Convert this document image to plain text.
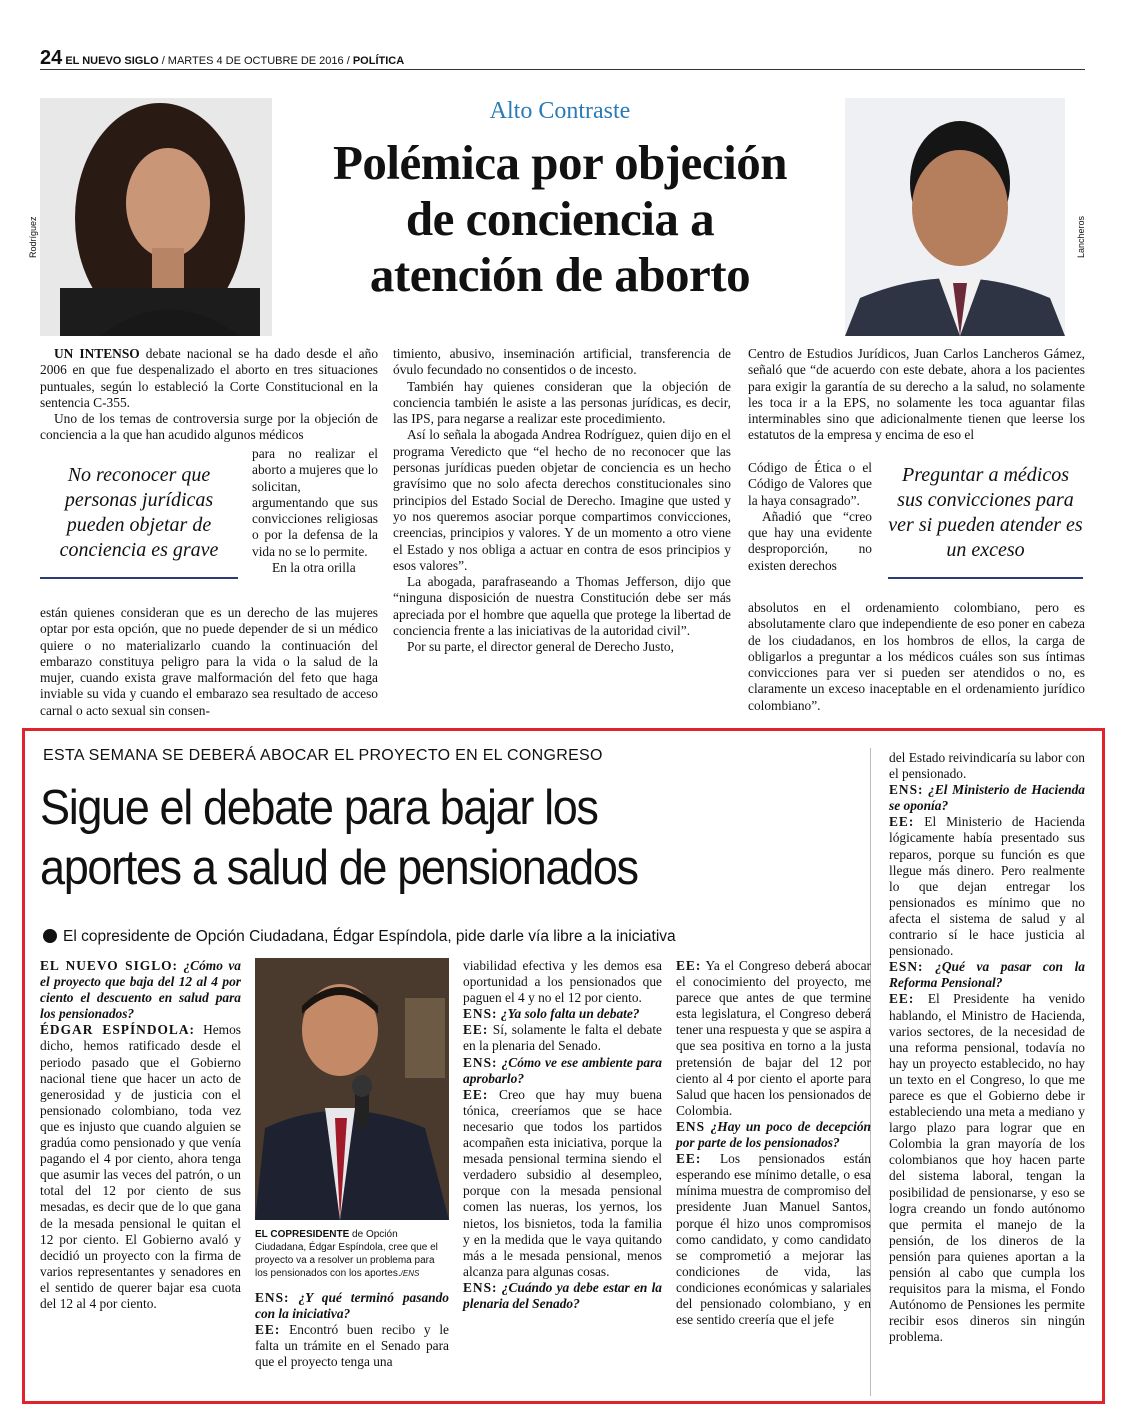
24 EL NUEVO SIGLO / MARTES 4 DE OCTUBRE DE 2016 / POLÍTICA
Rodríguez	Lancheros
Alto Contraste
Polémica por objeción
de conciencia a
atención de aborto

UN INTENSO debate nacional se ha dado desde el año 2006 en que fue despenalizado el aborto en tres situaciones puntuales, según lo estableció la Corte Constitucional en la sentencia C-355.

Uno de los temas de controversia surge por la objeción de conciencia a la que han acudido algunos médicos

No reconocer que personas jurídicas pueden objetar de conciencia es grave

para no realizar el aborto a mujeres que lo solicitan, argumentando que sus convicciones religiosas o por la defensa de la vida no se lo permite.

En la otra orilla

están quienes consideran que es un derecho de las mujeres optar por esta opción, que no puede depender de si un médico quiere o no materializarlo cuando la continuación del embarazo constituya peligro para la vida o la salud de la mujer, cuando exista grave malformación del feto que haga inviable su vida y cuando el embarazo sea resultado de acceso carnal o acto sexual sin consen-

timiento, abusivo, inseminación artificial, transferencia de óvulo fecundado no consentidos o de incesto.

También hay quienes consideran que la objeción de conciencia también le asiste a las personas jurídicas, es decir, las IPS, para negarse a realizar este procedimiento.

Así lo señala la abogada Andrea Rodríguez, quien dijo en el programa Veredicto que “el hecho de no reconocer que las personas jurídicas pueden objetar de conciencia es un hecho gravísimo que no solo afecta derechos constitucionales sino principios del Estado Social de Derecho. Imagine que usted y yo nos queremos asociar porque compartimos convicciones, creencias, principios y valores. Y de un momento a otro viene el Estado y nos obliga a actuar en contra de esos principios y esos valores”.

La abogada, parafraseando a Thomas Jefferson, dijo que “ninguna disposición de nuestra Constitución debe ser más apreciada por el hombre que aquella que protege la libertad de conciencia frente a las iniciativas de la autoridad civil”.

Por su parte, el director general de Derecho Justo,

Centro de Estudios Jurídicos, Juan Carlos Lancheros Gámez, señaló que “de acuerdo con este debate, ahora a los pacientes para exigir la garantía de su derecho a la salud, no solamente les toca ir a la EPS, no solamente les toca aguantar filas interminables sino que adicionalmente tienen que leerse los estatutos de la empresa y encima de eso el

Código de Ética o el Código de Valores que la haya consagrado”.

Añadió que “creo que hay una evidente desproporción, no existen derechos

Preguntar a médicos sus convicciones para ver si pueden atender es un exceso

absolutos en el ordenamiento colombiano, pero es absolutamente claro que independiente de eso poner en cabeza de los ciudadanos, en los hombros de ellos, la carga de obligarlos a preguntar a los médicos cuáles son sus íntimas convicciones para ver si pueden ser atendidos o no, es claramente un exceso inaceptable en el ordenamiento jurídico colombiano”.

ESTA SEMANA SE DEBERÁ ABOCAR EL PROYECTO EN EL CONGRESO
Sigue el debate para bajar los
aportes a salud de pensionados
El copresidente de Opción Ciudadana, Édgar Espíndola, pide darle vía libre a la iniciativa

EL NUEVO SIGLO: ¿Cómo va el proyecto que baja del 12 al 4 por ciento el descuento en salud para los pensionados?

ÉDGAR ESPÍNDOLA: Hemos dicho, hemos ratificado desde el periodo pasado que el Gobierno nacional tiene que hacer un acto de generosidad y de justicia con el pensionado colombiano, toda vez que es injusto que cuando alguien se gradúa como pensionado y que venía pagando el 4 por ciento, ahora tenga que asumir las veces del patrón, o un total del 12 por ciento de sus mesadas, es decir que de lo que gana de la mesada pensional le quitan el 12 por ciento. El Gobierno avaló y decidió un proyecto con la firma de varios representantes y senadores en el sentido de querer bajar esa cuota del 12 al 4 por ciento.

EL COPRESIDENTE de Opción Ciudadana, Édgar Espíndola, cree que el proyecto va a resolver un problema para los pensionados con los aportes./ENS

ENS: ¿Y qué terminó pasando con la iniciativa?

EE: Encontró buen recibo y le falta un trámite en el Senado para que el proyecto tenga una

viabilidad efectiva y les demos esa oportunidad a los pensionados que paguen el 4 y no el 12 por ciento.

ENS: ¿Ya solo falta un debate?

EE: Sí, solamente le falta el debate en la plenaria del Senado.

ENS: ¿Cómo ve ese ambiente para aprobarlo?

EE: Creo que hay muy buena tónica, creeríamos que se hace necesario que todos los partidos acompañen esta iniciativa, porque la mesada pensional termina siendo el verdadero subsidio al desempleo, porque con la mesada pensional comen las nueras, los yernos, los nietos, los bisnietos, toda la familia y en la medida que le vaya quitando más a le mesada pensional, menos alcanza para algunas cosas.

ENS: ¿Cuándo ya debe estar en la plenaria del Senado?

EE: Ya el Congreso deberá abocar el conocimiento del proyecto, me parece que antes de que termine esta legislatura, el Congreso deberá tener una respuesta y que se aspira a que sea positiva en torno a la justa pretensión de bajar del 12 por ciento al 4 por ciento el aporte para Salud que hacen los pensionados de Colombia.

ENS ¿Hay un poco de decepción por parte de los pensionados?

EE: Los pensionados están esperando ese mínimo detalle, o esa mínima muestra de compromiso del presidente Juan Manuel Santos, porque él hizo unos compromisos como candidato, y como candidato se comprometió a mejorar las condiciones de vida, las condiciones económicas y salariales del pensionado colombiano, y en ese sentido creería que el jefe

del Estado reivindicaría su labor con el pensionado.

ENS: ¿El Ministerio de Hacienda se oponía?

EE: El Ministerio de Hacienda lógicamente había presentado sus reparos, porque su función es que llegue más dinero. Pero realmente lo que dejan entregar los pensionados es mínimo que no afecta el sistema de salud y al contrario sí le hace justicia al pensionado.

ESN: ¿Qué va pasar con la Reforma Pensional?

EE: El Presidente ha venido hablando, el Ministro de Hacienda, varios sectores, de la necesidad de una reforma pensional, todavía no hay un proyecto establecido, no hay un texto en el Congreso, lo que me parece es que el Gobierno debe ir estableciendo una meta a mediano y largo plazo para lograr que en Colombia la gran mayoría de los colombianos que hoy hacen parte del sistema laboral, tengan la posibilidad de pensionarse, y eso se logra creando un fondo autónomo que permita el manejo de la pensión, de los dineros de la pensión para quienes aportan a la pensión al cabo que cumpla los requisitos para la misma, el Fondo Autónomo de Pensiones les permite recibir esos dineros sin ningún problema.
